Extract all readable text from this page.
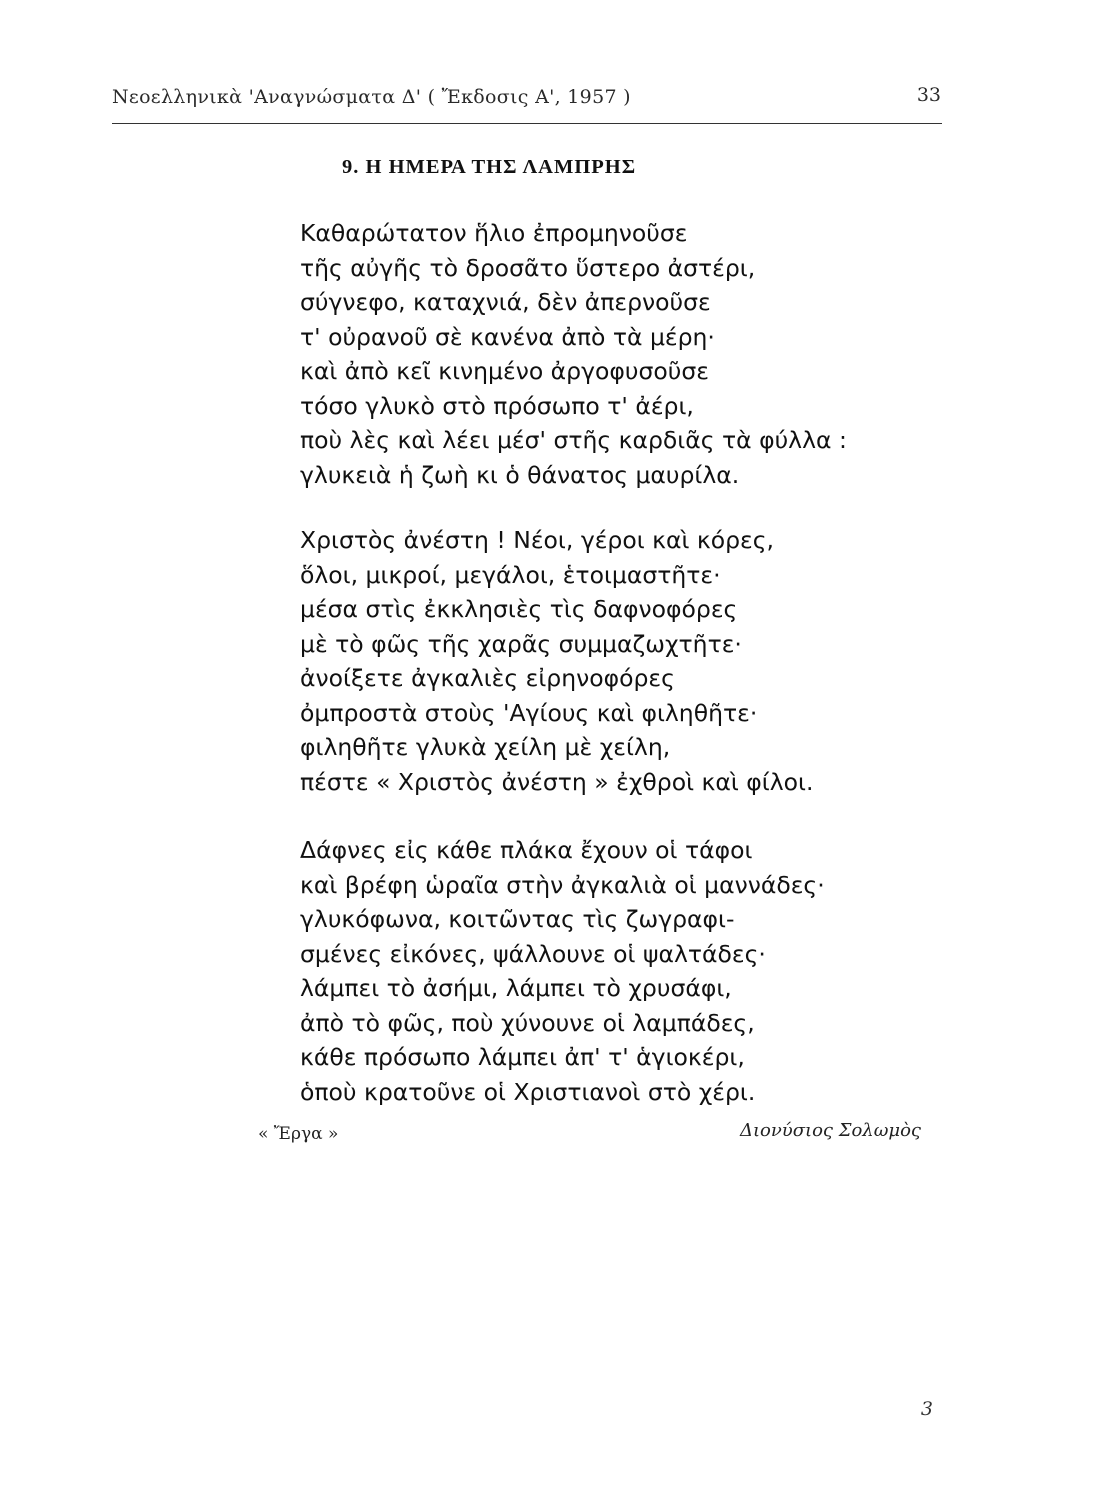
Νεοελληνικὰ 'Αναγνώσματα Δ' ( Ἔκδοσις Α', 1957 )	33
9. Η ΗΜΕΡΑ ΤΗΣ ΛΑΜΠΡΗΣ
Καθαρώτατον ἥλιο ἐπρομηνοῦσε
τῆς αὐγῆς τὸ δροσᾶτο ὕστερο ἀστέρι,
σύγνεφο, καταχνιά, δὲν ἀπερνοῦσε
τ' οὐρανοῦ σὲ κανένα ἀπὸ τὰ μέρη·
καὶ ἀπὸ κεῖ κινημένο ἀργοφυσοῦσε
τόσο γλυκὸ στὸ πρόσωπο τ' ἀέρι,
ποὺ λὲς καὶ λέει μέσ' στῆς καρδιᾶς τὰ φύλλα :
γλυκειὰ ἡ ζωὴ κι ὁ θάνατος μαυρίλα.
Χριστὸς ἀνέστη ! Νέοι, γέροι καὶ κόρες,
ὅλοι, μικροί, μεγάλοι, ἑτοιμαστῆτε·
μέσα στὶς ἐκκλησιὲς τὶς δαφνοφόρες
μὲ τὸ φῶς τῆς χαρᾶς συμμαζωχτῆτε·
ἀνοίξετε ἀγκαλιὲς εἰρηνοφόρες
ὀμπροστὰ στοὺς 'Αγίους καὶ φιληθῆτε·
φιληθῆτε γλυκὰ χείλη μὲ χείλη,
πέστε « Χριστὸς ἀνέστη » ἐχθροὶ καὶ φίλοι.
Δάφνες εἰς κάθε πλάκα ἔχουν οἱ τάφοι
καὶ βρέφη ὡραῖα στὴν ἀγκαλιὰ οἱ μαννάδες·
γλυκόφωνα, κοιτῶντας τὶς ζωγραφι-
σμένες εἰκόνες, ψάλλουνε οἱ ψαλτάδες·
λάμπει τὸ ἀσήμι, λάμπει τὸ χρυσάφι,
ἀπὸ τὸ φῶς, ποὺ χύνουνε οἱ λαμπάδες,
κάθε πρόσωπο λάμπει ἀπ' τ' ἁγιοκέρι,
ὁποὺ κρατοῦνε οἱ Χριστιανοὶ στὸ χέρι.
« Ἔργα »	Διονύσιος Σολωμὸς
3
